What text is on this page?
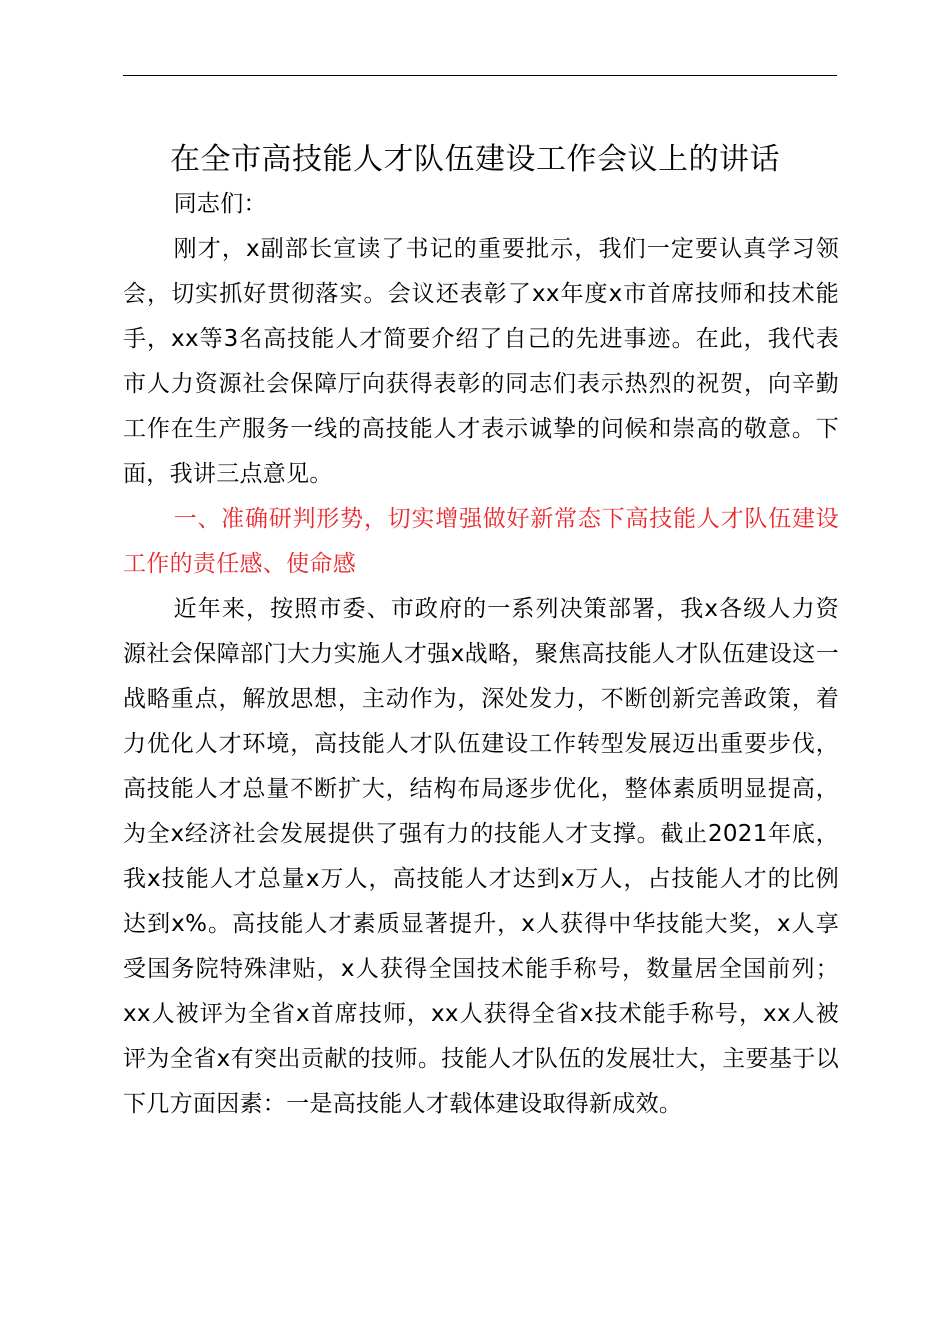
在全市高技能人才队伍建设工作会议上的讲话

同志们：

刚才，x副部长宣读了书记的重要批示，我们一定要认真学习领会，切实抓好贯彻落实。会议还表彰了xx年度x市首席技师和技术能手，xx等3名高技能人才简要介绍了自己的先进事迹。在此，我代表市人力资源社会保障厅向获得表彰的同志们表示热烈的祝贺，向辛勤工作在生产服务一线的高技能人才表示诚挚的问候和崇高的敬意。下面，我讲三点意见。

一、准确研判形势，切实增强做好新常态下高技能人才队伍建设工作的责任感、使命感

近年来，按照市委、市政府的一系列决策部署，我x各级人力资源社会保障部门大力实施人才强x战略，聚焦高技能人才队伍建设这一战略重点，解放思想，主动作为，深处发力，不断创新完善政策，着力优化人才环境，高技能人才队伍建设工作转型发展迈出重要步伐，高技能人才总量不断扩大，结构布局逐步优化，整体素质明显提高，为全x经济社会发展提供了强有力的技能人才支撑。截止2021年底，我x技能人才总量x万人，高技能人才达到x万人，占技能人才的比例达到x%。高技能人才素质显著提升，x人获得中华技能大奖，x人享受国务院特殊津贴，x人获得全国技术能手称号，数量居全国前列；xx人被评为全省x首席技师，xx人获得全省x技术能手称号，xx人被评为全省x有突出贡献的技师。技能人才队伍的发展壮大，主要基于以下几方面因素：一是高技能人才载体建设取得新成效。
